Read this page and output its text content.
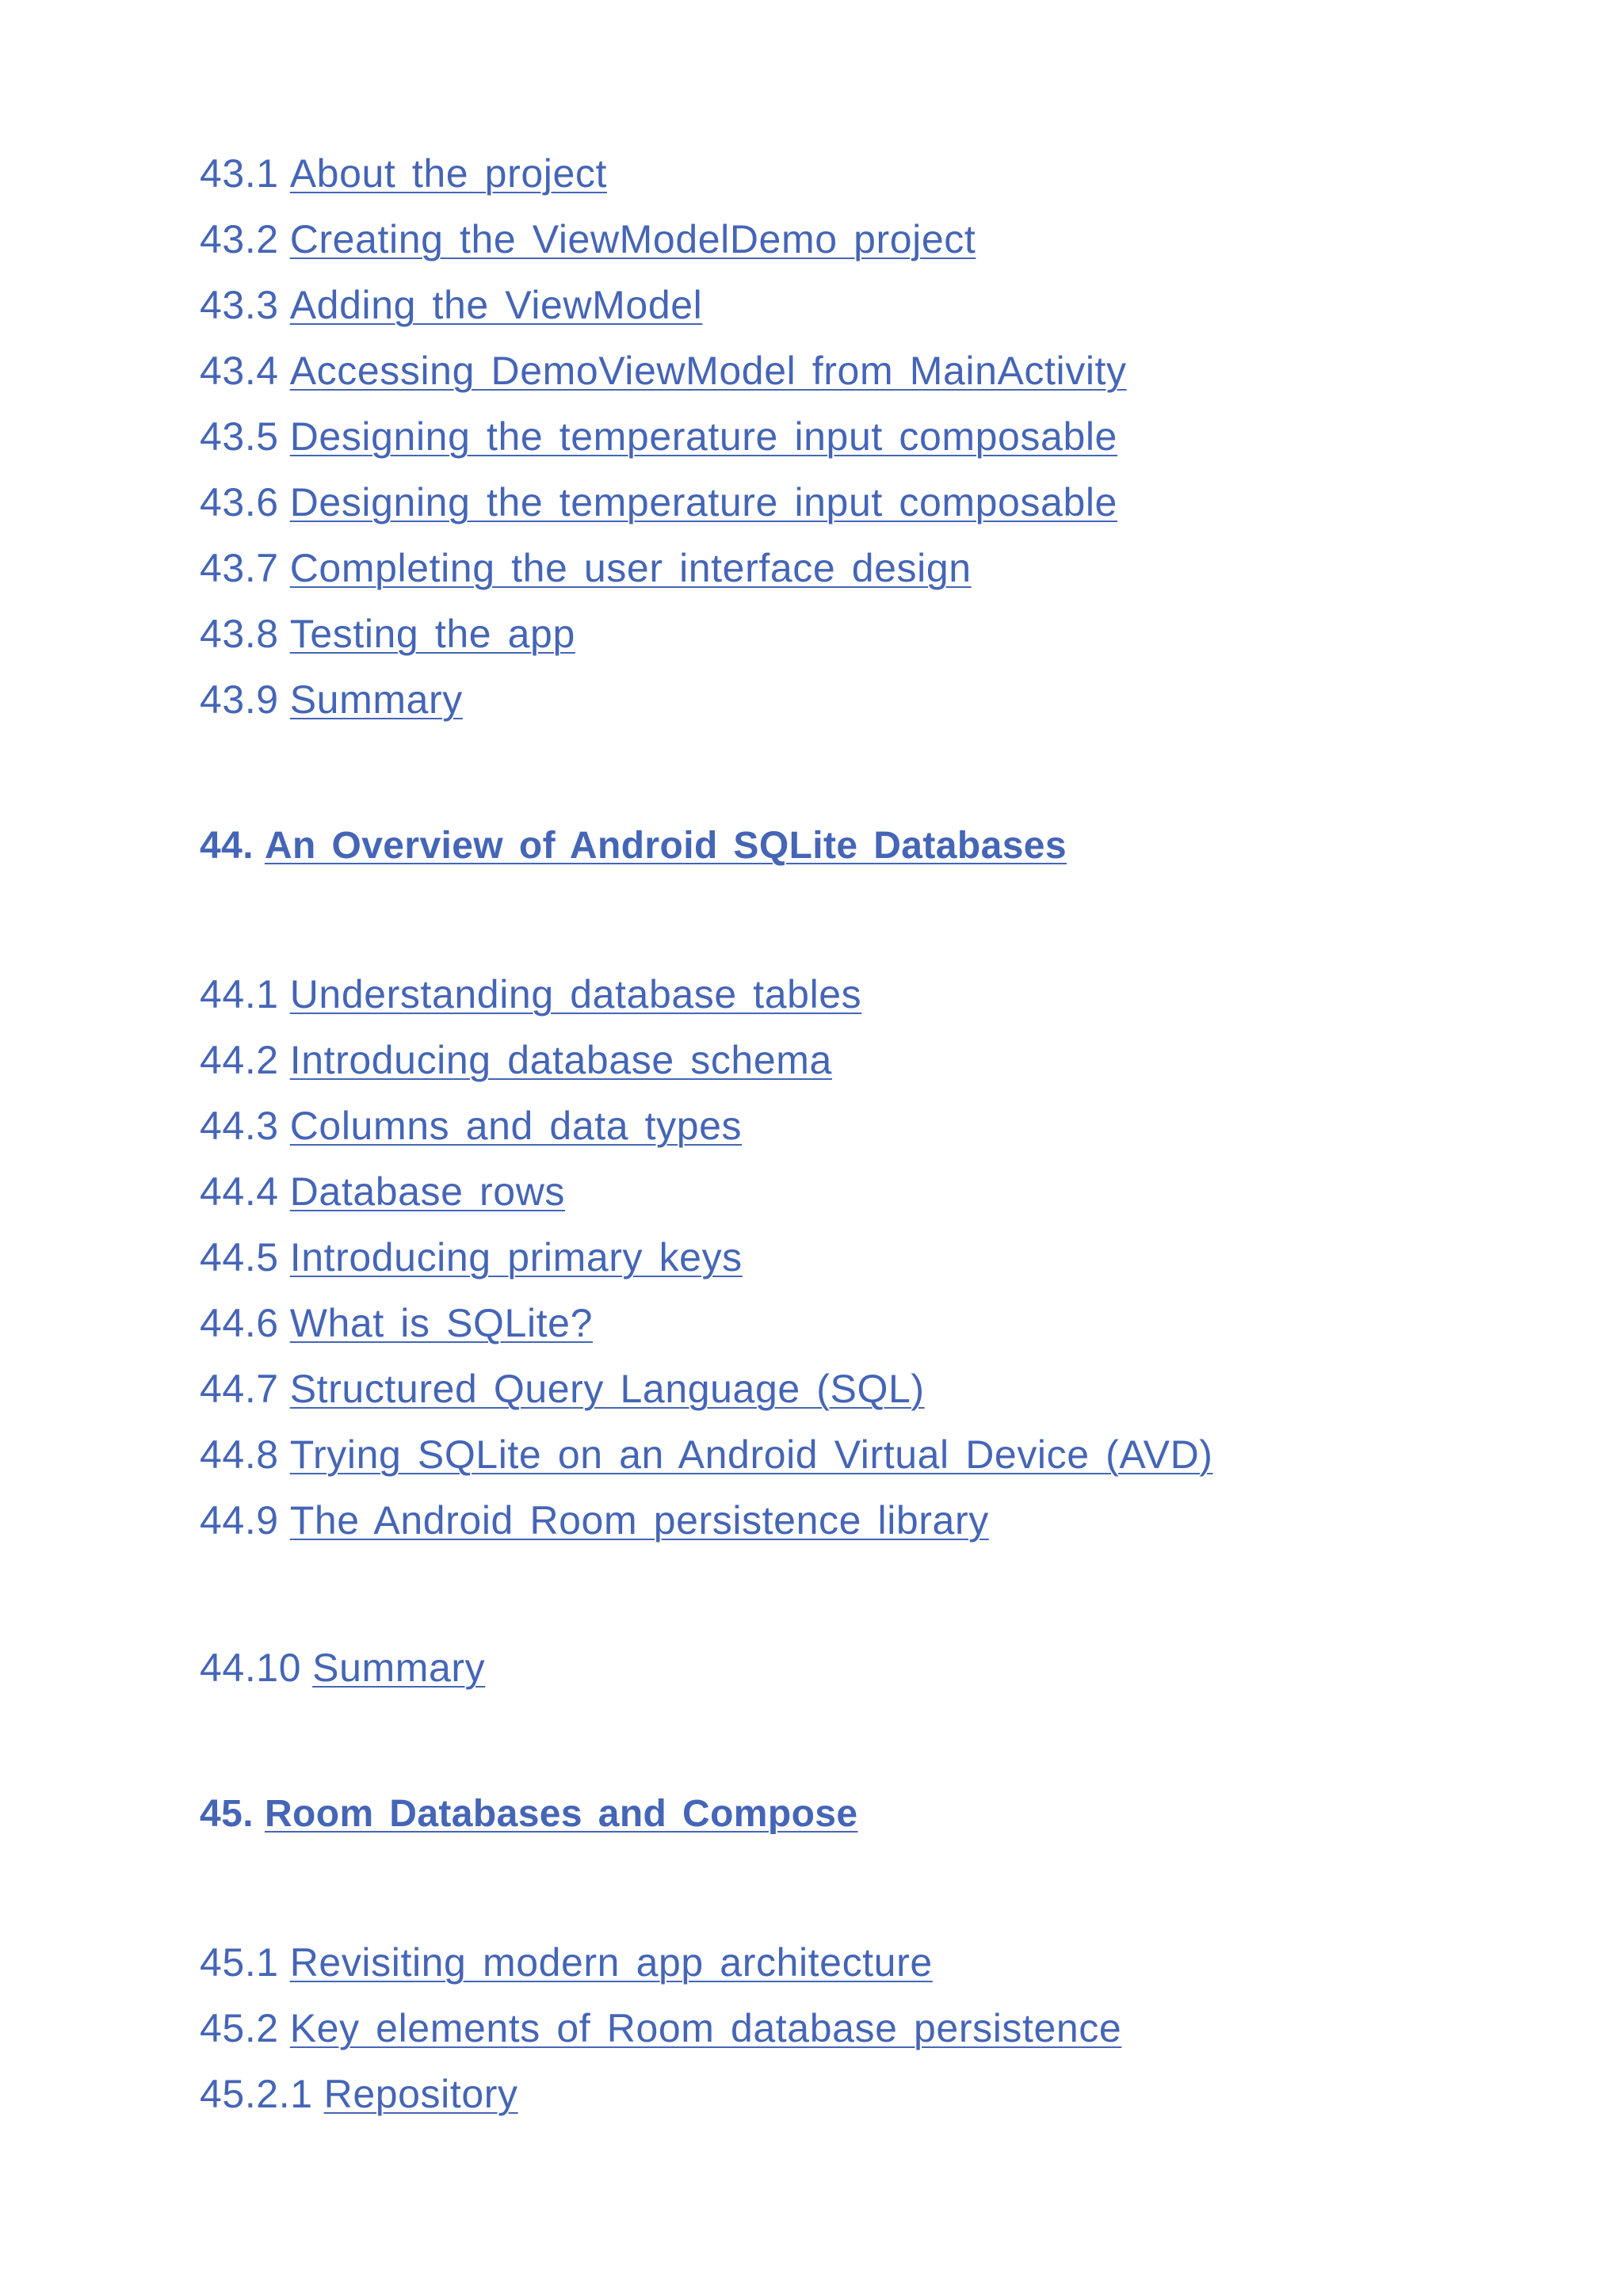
43.1 About the project
43.2 Creating the ViewModelDemo project
43.3 Adding the ViewModel
43.4 Accessing DemoViewModel from MainActivity
43.5 Designing the temperature input composable
43.6 Designing the temperature input composable
43.7 Completing the user interface design
43.8 Testing the app
43.9 Summary
44. An Overview of Android SQLite Databases
44.1 Understanding database tables
44.2 Introducing database schema
44.3 Columns and data types
44.4 Database rows
44.5 Introducing primary keys
44.6 What is SQLite?
44.7 Structured Query Language (SQL)
44.8 Trying SQLite on an Android Virtual Device (AVD)
44.9 The Android Room persistence library
44.10 Summary
45. Room Databases and Compose
45.1 Revisiting modern app architecture
45.2 Key elements of Room database persistence
45.2.1 Repository
